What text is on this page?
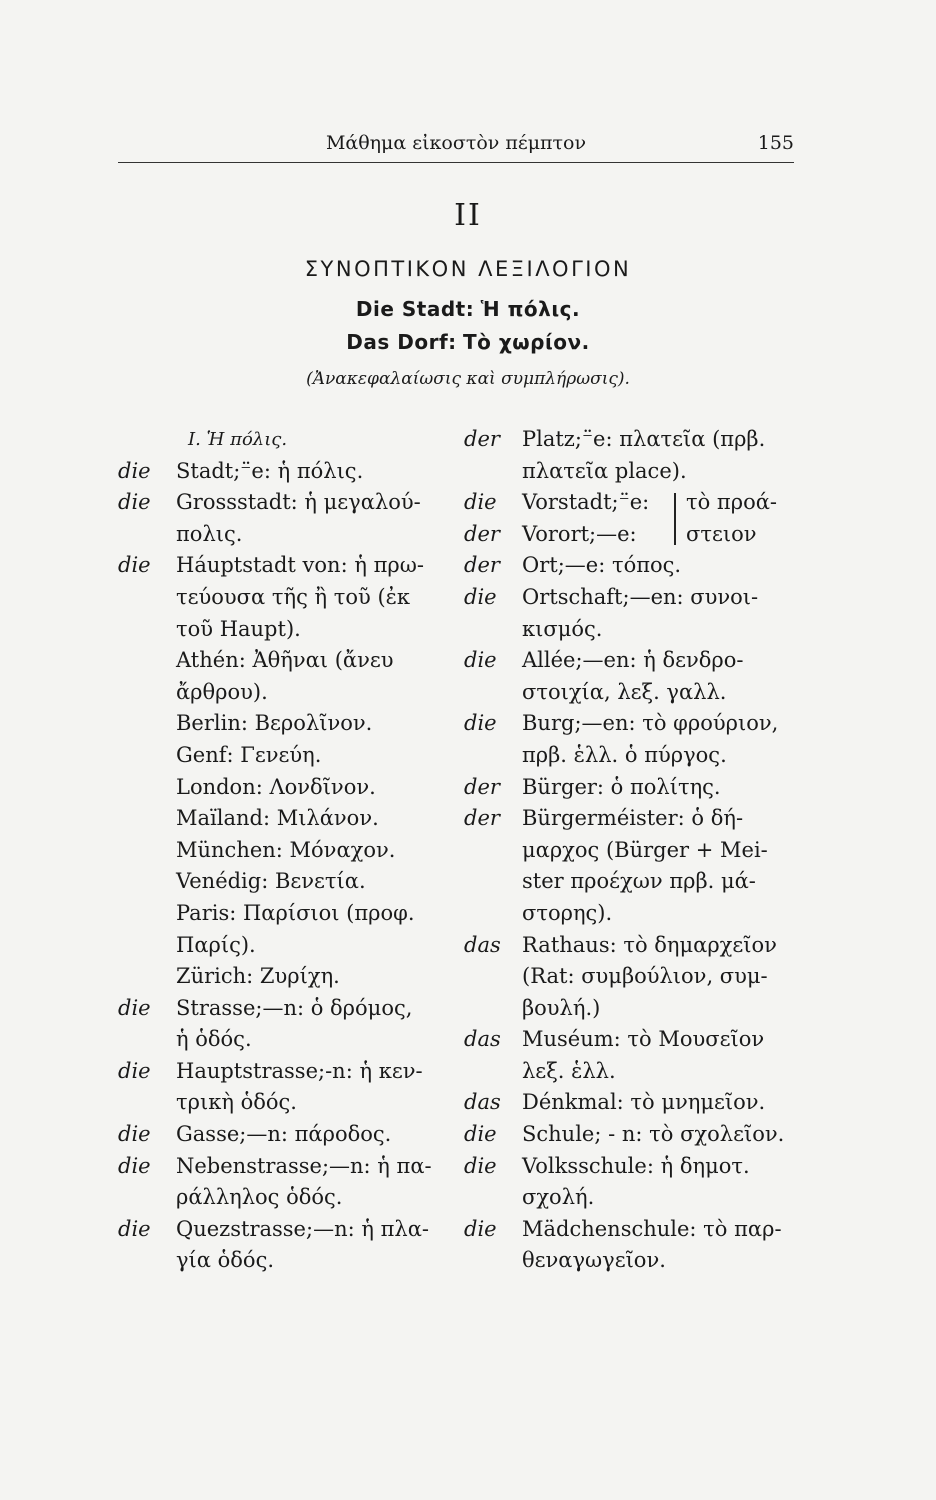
Μάθημα εἰκοστὸν πέμπτον	155
II
ΣΥΝΟΠΤΙΚΟΝ ΛΕΞΙΛΟΓΙΟΝ
Die Stadt: Ἡ πόλις.
Das Dorf: Τὸ χωρίον.
(Ἀνακεφαλαίωσις καὶ συμπλήρωσις).
I. Ἡ πόλις.
die Stadt;⁻̈e: ἡ πόλις.
die Grossstadt: ἡ μεγαλού-
πολις.
die Háuptstadt von: ἡ πρω-
τεύουσα τῆς ἢ τοῦ (ἐκ
τοῦ Haupt).
Athén: Ἀθῆναι (ἄνευ
ἄρθρου).
Berlin: Βερολῖνον.
Genf: Γενεύη.
London: Λονδῖνον.
Maïland: Μιλάνον.
München: Μόναχον.
Venédig: Βενετία.
Paris: Παρίσιοι (προφ.
Παρίς).
Zürich: Ζυρίχη.
die Strasse;—n: ὁ δρόμος,
ἡ ὁδός.
die Hauptstrasse;-n: ἡ κεν-
τρικὴ ὁδός.
die Gasse;—n: πάροδος.
die Nebenstrasse;—n: ἡ πα-
ράλληλος ὁδός.
die Quezstrasse;—n: ἡ πλα-
γία ὁδός.
der Platz;⁻̈e: πλατεῖα (πρβ.
πλατεῖα place).
die Vorstadt;⁻̈e:
der Vorort;—e:
τὸ προά-
στειον
der Ort;—e: τόπος.
die Ortschaft;—en: συνοι-
κισμός.
die Allée;—en: ἡ δενδρο-
στοιχία, λεξ. γαλλ.
die Burg;—en: τὸ φρούριον,
πρβ. ἑλλ. ὁ πύργος.
der Bürger: ὁ πολίτης.
der Bürgerméister: ὁ δή-
μαρχος (Bürger + Mei-
ster προέχων πρβ. μά-
στορης).
das Rathaus: τὸ δημαρχεῖον
(Rat: συμβούλιον, συμ-
βουλή.)
das Muséum: τὸ Μουσεῖον
λεξ. ἑλλ.
das Dénkmal: τὸ μνημεῖον.
die Schule; - n: τὸ σχολεῖον.
die Volksschule: ἡ δημοτ.
σχολή.
die Mädchenschule: τὸ παρ-
θεναγωγεῖον.
